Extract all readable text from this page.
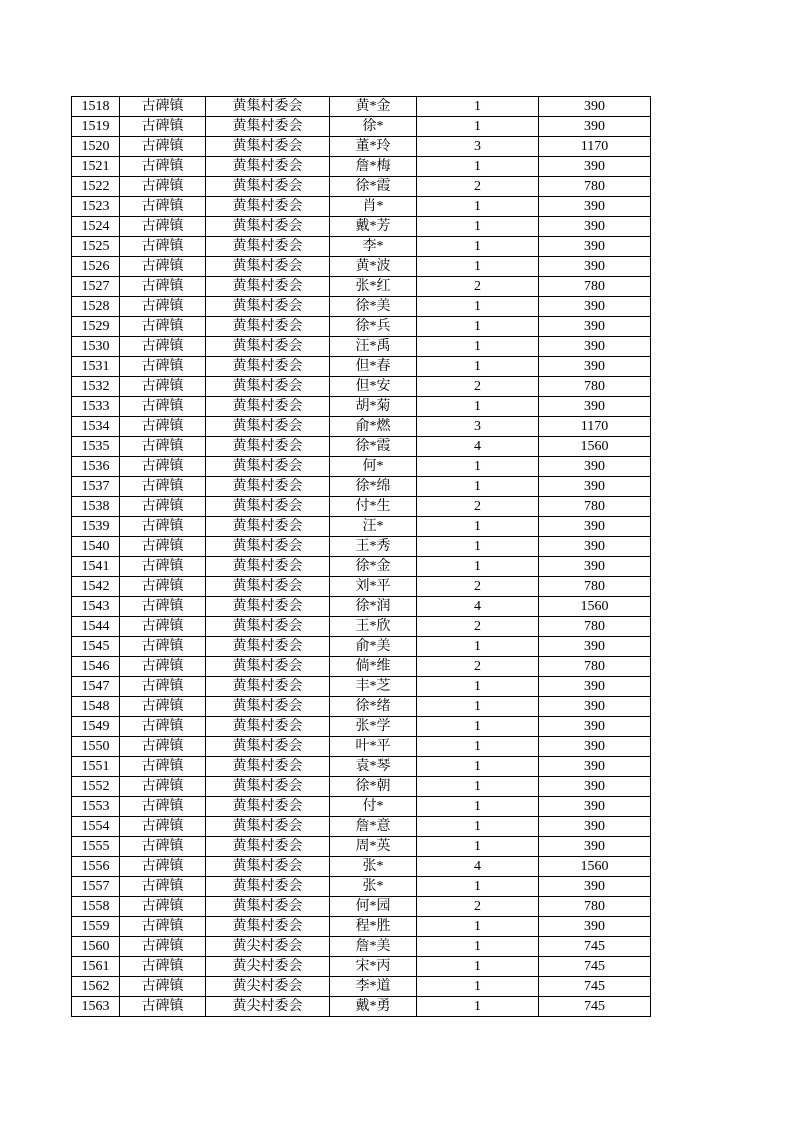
1518	古碑镇	黄集村委会	黄*金	1	390
1519	古碑镇	黄集村委会	徐*	1	390
1520	古碑镇	黄集村委会	董*玲	3	1170
1521	古碑镇	黄集村委会	詹*梅	1	390
1522	古碑镇	黄集村委会	徐*霞	2	780
1523	古碑镇	黄集村委会	肖*	1	390
1524	古碑镇	黄集村委会	戴*芳	1	390
1525	古碑镇	黄集村委会	李*	1	390
1526	古碑镇	黄集村委会	黄*波	1	390
1527	古碑镇	黄集村委会	张*红	2	780
1528	古碑镇	黄集村委会	徐*美	1	390
1529	古碑镇	黄集村委会	徐*兵	1	390
1530	古碑镇	黄集村委会	汪*禹	1	390
1531	古碑镇	黄集村委会	但*春	1	390
1532	古碑镇	黄集村委会	但*安	2	780
1533	古碑镇	黄集村委会	胡*菊	1	390
1534	古碑镇	黄集村委会	俞*燃	3	1170
1535	古碑镇	黄集村委会	徐*霞	4	1560
1536	古碑镇	黄集村委会	何*	1	390
1537	古碑镇	黄集村委会	徐*绵	1	390
1538	古碑镇	黄集村委会	付*生	2	780
1539	古碑镇	黄集村委会	汪*	1	390
1540	古碑镇	黄集村委会	王*秀	1	390
1541	古碑镇	黄集村委会	徐*金	1	390
1542	古碑镇	黄集村委会	刘*平	2	780
1543	古碑镇	黄集村委会	徐*润	4	1560
1544	古碑镇	黄集村委会	王*欣	2	780
1545	古碑镇	黄集村委会	俞*美	1	390
1546	古碑镇	黄集村委会	倘*维	2	780
1547	古碑镇	黄集村委会	丰*芝	1	390
1548	古碑镇	黄集村委会	徐*绪	1	390
1549	古碑镇	黄集村委会	张*学	1	390
1550	古碑镇	黄集村委会	叶*平	1	390
1551	古碑镇	黄集村委会	袁*琴	1	390
1552	古碑镇	黄集村委会	徐*朝	1	390
1553	古碑镇	黄集村委会	付*	1	390
1554	古碑镇	黄集村委会	詹*意	1	390
1555	古碑镇	黄集村委会	周*英	1	390
1556	古碑镇	黄集村委会	张*	4	1560
1557	古碑镇	黄集村委会	张*	1	390
1558	古碑镇	黄集村委会	何*园	2	780
1559	古碑镇	黄集村委会	程*胜	1	390
1560	古碑镇	黄尖村委会	詹*美	1	745
1561	古碑镇	黄尖村委会	宋*丙	1	745
1562	古碑镇	黄尖村委会	李*道	1	745
1563	古碑镇	黄尖村委会	戴*勇	1	745
